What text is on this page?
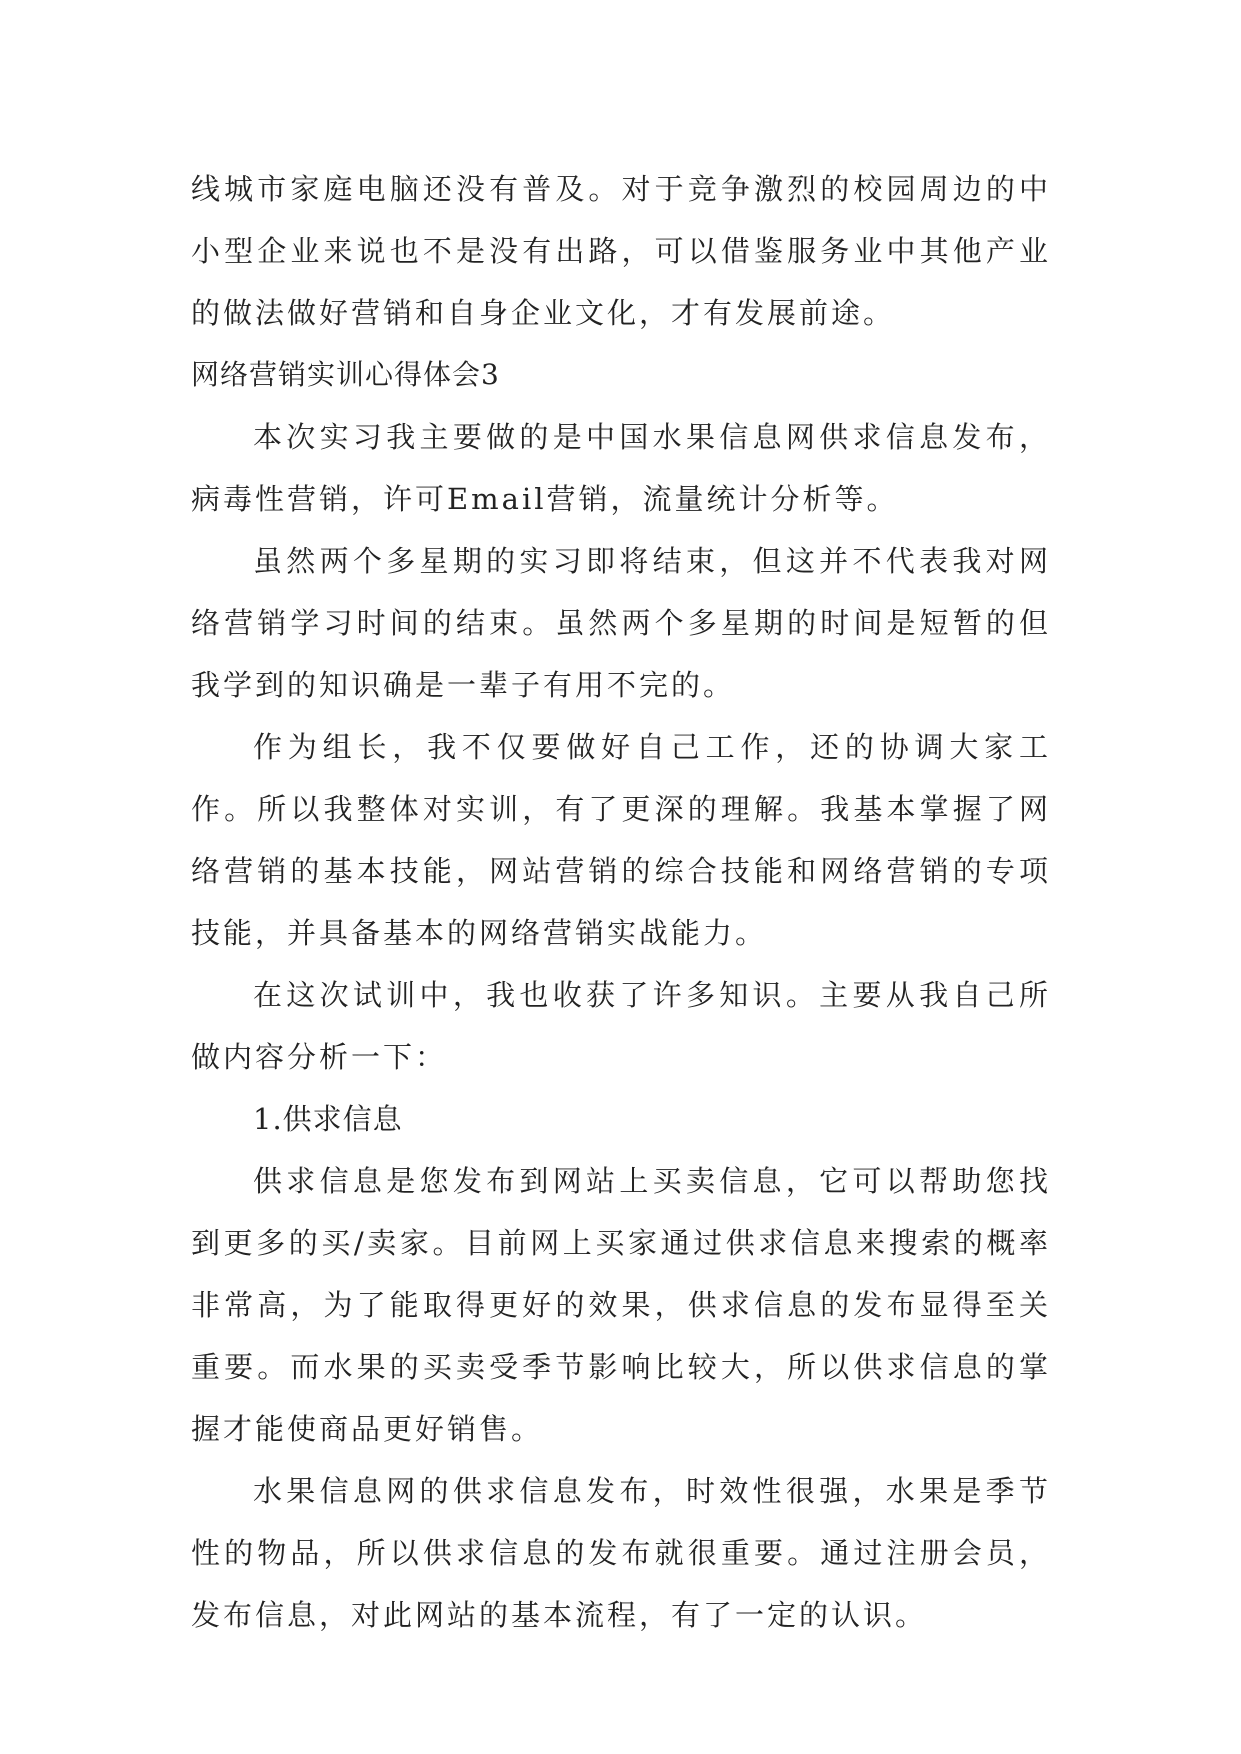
线城市家庭电脑还没有普及。对于竞争激烈的校园周边的中小型企业来说也不是没有出路，可以借鉴服务业中其他产业的做法做好营销和自身企业文化，才有发展前途。

网络营销实训心得体会3

本次实习我主要做的是中国水果信息网供求信息发布，病毒性营销，许可Email营销，流量统计分析等。

虽然两个多星期的实习即将结束，但这并不代表我对网络营销学习时间的结束。虽然两个多星期的时间是短暂的但我学到的知识确是一辈子有用不完的。

作为组长，我不仅要做好自己工作，还的协调大家工作。所以我整体对实训，有了更深的理解。我基本掌握了网络营销的基本技能，网站营销的综合技能和网络营销的专项技能，并具备基本的网络营销实战能力。

在这次试训中，我也收获了许多知识。主要从我自己所做内容分析一下：

1.供求信息

供求信息是您发布到网站上买卖信息，它可以帮助您找到更多的买/卖家。目前网上买家通过供求信息来搜索的概率非常高，为了能取得更好的效果，供求信息的发布显得至关重要。而水果的买卖受季节影响比较大，所以供求信息的掌握才能使商品更好销售。

水果信息网的供求信息发布，时效性很强，水果是季节性的物品，所以供求信息的发布就很重要。通过注册会员，发布信息，对此网站的基本流程，有了一定的认识。
